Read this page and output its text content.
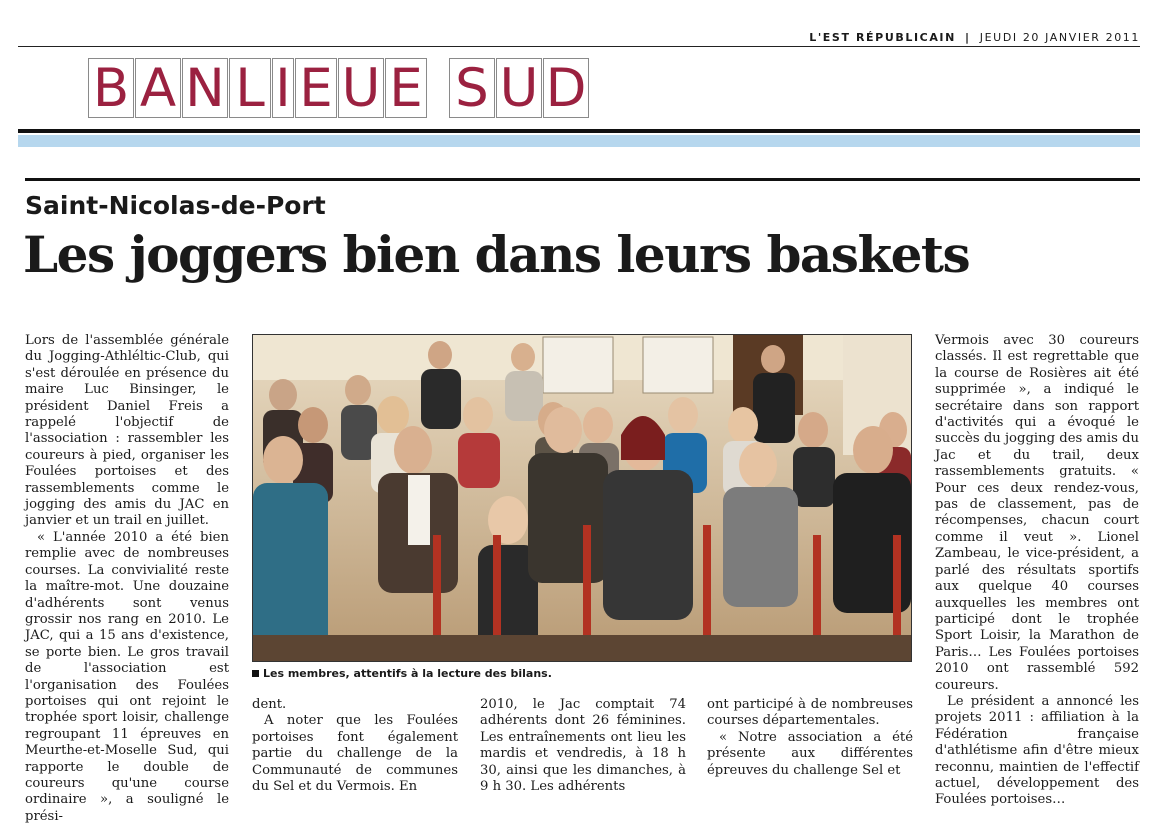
L'EST RÉPUBLICAIN | JEUDI 20 JANVIER 2011
B A N L I E U E S U D
Saint-Nicolas-de-Port
Les joggers bien dans leurs baskets

Lors de l'assemblée générale du Jogging-Athléltic-Club, qui s'est déroulée en présence du maire Luc Binsinger, le président Daniel Freis a rappelé l'objectif de l'association : rassembler les coureurs à pied, organiser les Foulées portoises et des rassemblements comme le jogging des amis du JAC en janvier et un trail en juillet.

« L'année 2010 a été bien remplie avec de nombreuses courses. La convivialité reste la maître-mot. Une douzaine d'adhérents sont venus grossir nos rang en 2010. Le JAC, qui a 15 ans d'existence, se porte bien. Le gros travail de l'association est l'organisation des Foulées portoises qui ont rejoint le trophée sport loisir, challenge regroupant 11 épreuves en Meurthe-et-Moselle Sud, qui rapporte le double de coureurs qu'une course ordinaire », a souligné le prési-

Les membres, attentifs à la lecture des bilans.

dent.

A noter que les Foulées portoises font également partie du challenge de la Communauté de communes du Sel et du Vermois. En

2010, le Jac comptait 74 adhérents dont 26 féminines. Les entraînements ont lieu les mardis et vendredis, à 18 h 30, ainsi que les dimanches, à 9 h 30. Les adhérents

ont participé à de nombreuses courses départementales.

« Notre association a été présente aux différentes épreuves du challenge Sel et

Vermois avec 30 coureurs classés. Il est regrettable que la course de Rosières ait été supprimée », a indiqué le secrétaire dans son rapport d'activités qui a évoqué le succès du jogging des amis du Jac et du trail, deux rassemblements gratuits. « Pour ces deux rendez-vous, pas de classement, pas de récompenses, chacun court comme il veut ». Lionel Zambeau, le vice-président, a parlé des résultats sportifs aux quelque 40 courses auxquelles les membres ont participé dont le trophée Sport Loisir, la Marathon de Paris… Les Foulées portoises 2010 ont rassemblé 592 coureurs.

Le président a annoncé les projets 2011 : affiliation à la Fédération française d'athlétisme afin d'être mieux reconnu, maintien de l'effectif actuel, développement des Foulées portoises…
